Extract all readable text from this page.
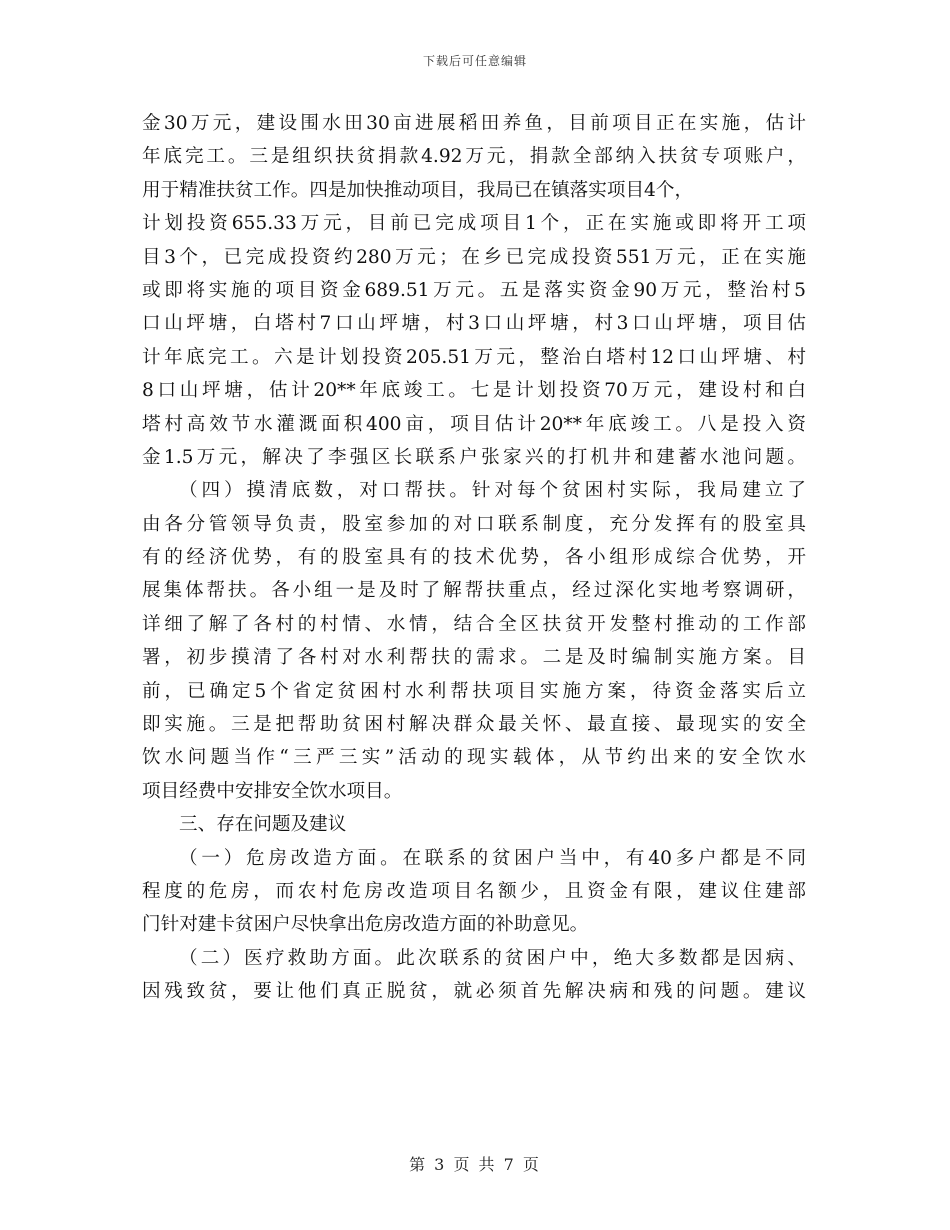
下载后可任意编辑
金30万元，建设围水田30亩进展稻田养鱼，目前项目正在实施，估计
年底完工。三是组织扶贫捐款4.92万元，捐款全部纳入扶贫专项账户，
用于精准扶贫工作。四是加快推动项目，我局已在镇落实项目4个，
计划投资655.33万元，目前已完成项目1个，正在实施或即将开工项
目3个，已完成投资约280万元；在乡已完成投资551万元，正在实施
或即将实施的项目资金689.51万元。五是落实资金90万元，整治村5
口山坪塘，白塔村7口山坪塘，村3口山坪塘，村3口山坪塘，项目估
计年底完工。六是计划投资205.51万元，整治白塔村12口山坪塘、村
8口山坪塘，估计20**年底竣工。七是计划投资70万元，建设村和白
塔村高效节水灌溉面积400亩，项目估计20**年底竣工。八是投入资
金1.5万元，解决了李强区长联系户张家兴的打机井和建蓄水池问题。
（四）摸清底数，对口帮扶。针对每个贫困村实际，我局建立了
由各分管领导负责，股室参加的对口联系制度，充分发挥有的股室具
有的经济优势，有的股室具有的技术优势，各小组形成综合优势，开
展集体帮扶。各小组一是及时了解帮扶重点，经过深化实地考察调研，
详细了解了各村的村情、水情，结合全区扶贫开发整村推动的工作部
署，初步摸清了各村对水利帮扶的需求。二是及时编制实施方案。目
前，已确定5个省定贫困村水利帮扶项目实施方案，待资金落实后立
即实施。三是把帮助贫困村解决群众最关怀、最直接、最现实的安全
饮水问题当作“三严三实”活动的现实载体，从节约出来的安全饮水
项目经费中安排安全饮水项目。
三、存在问题及建议
（一）危房改造方面。在联系的贫困户当中，有40多户都是不同
程度的危房，而农村危房改造项目名额少，且资金有限，建议住建部
门针对建卡贫困户尽快拿出危房改造方面的补助意见。
（二）医疗救助方面。此次联系的贫困户中，绝大多数都是因病、
因残致贫，要让他们真正脱贫，就必须首先解决病和残的问题。建议
第 3 页 共 7 页
